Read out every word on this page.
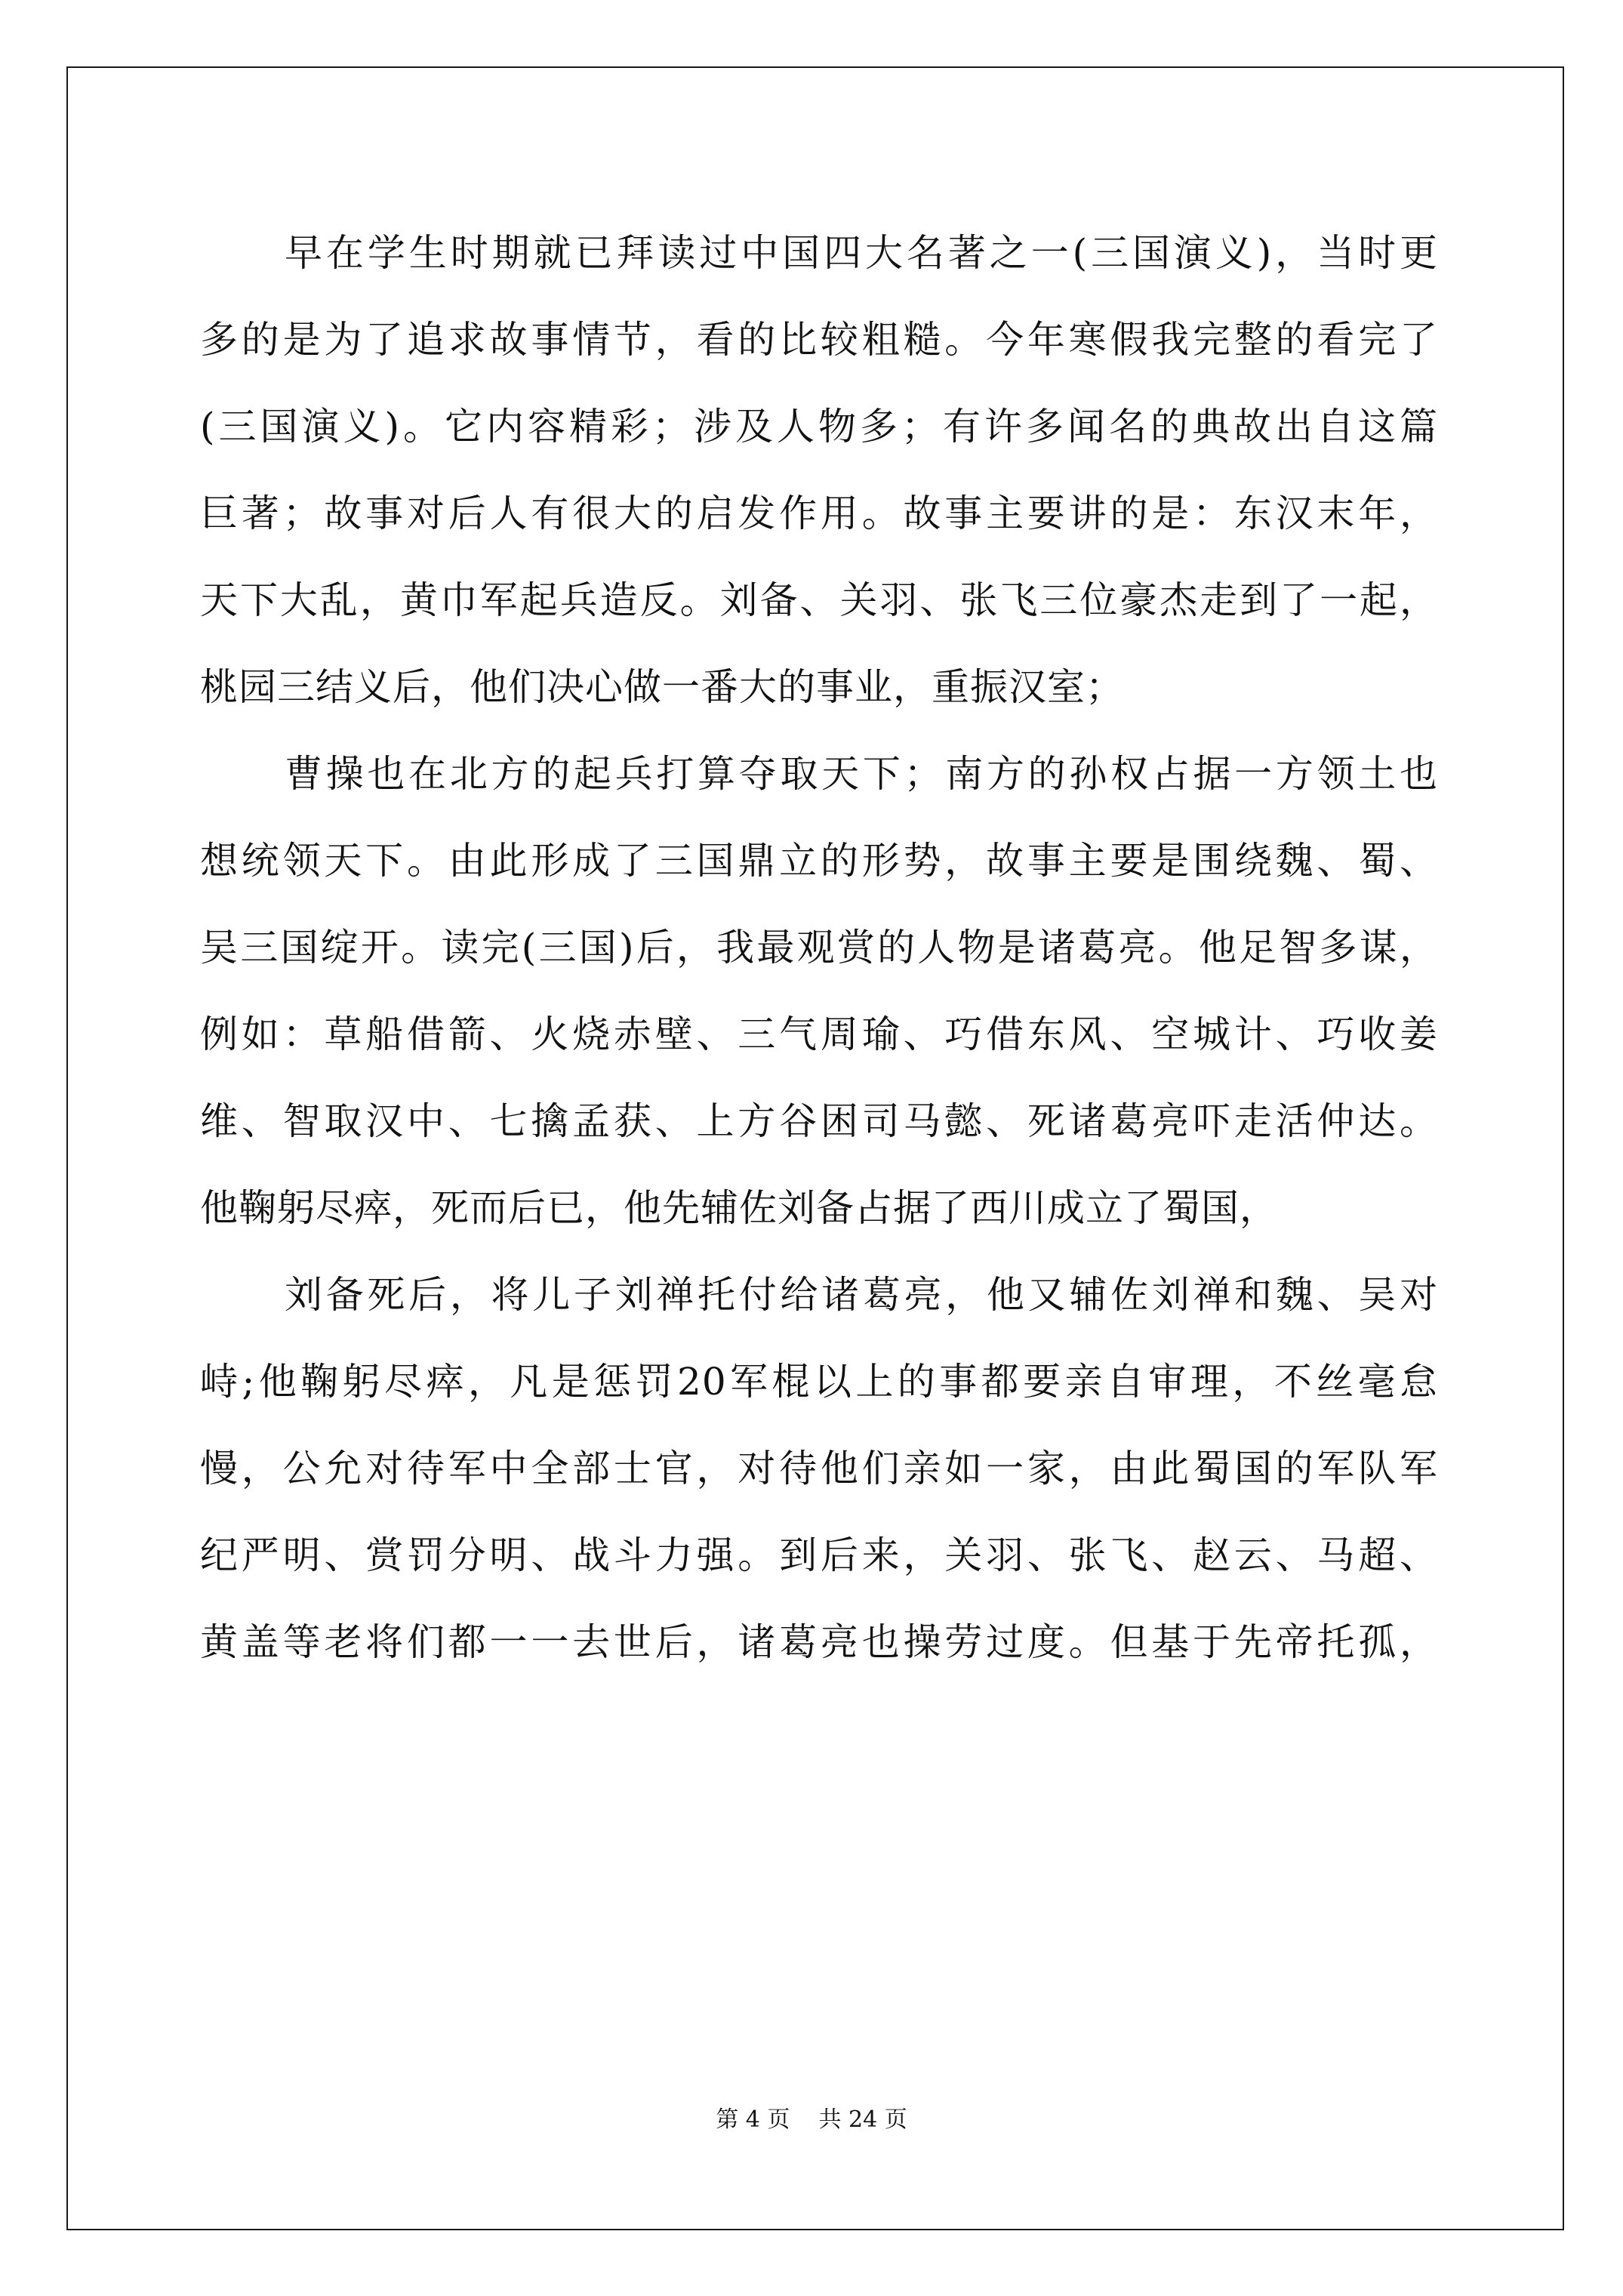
早在学生时期就已拜读过中国四大名著之一(三国演义)，当时更
多的是为了追求故事情节，看的比较粗糙。今年寒假我完整的看完了
(三国演义)。它内容精彩；涉及人物多；有许多闻名的典故出自这篇
巨著；故事对后人有很大的启发作用。故事主要讲的是：东汉末年，
天下大乱，黄巾军起兵造反。刘备、关羽、张飞三位豪杰走到了一起，
桃园三结义后，他们决心做一番大的事业，重振汉室；
曹操也在北方的起兵打算夺取天下；南方的孙权占据一方领土也
想统领天下。由此形成了三国鼎立的形势，故事主要是围绕魏、蜀、
吴三国绽开。读完(三国)后，我最观赏的人物是诸葛亮。他足智多谋，
例如：草船借箭、火烧赤壁、三气周瑜、巧借东风、空城计、巧收姜
维、智取汉中、七擒孟获、上方谷困司马懿、死诸葛亮吓走活仲达。
他鞠躬尽瘁，死而后已，他先辅佐刘备占据了西川成立了蜀国，
刘备死后，将儿子刘禅托付给诸葛亮，他又辅佐刘禅和魏、吴对
峙;他鞠躬尽瘁，凡是惩罚20军棍以上的事都要亲自审理，不丝毫怠
慢，公允对待军中全部士官，对待他们亲如一家，由此蜀国的军队军
纪严明、赏罚分明、战斗力强。到后来，关羽、张飞、赵云、马超、
黄盖等老将们都一一去世后，诸葛亮也操劳过度。但基于先帝托孤，
第 4 页    共 24 页
